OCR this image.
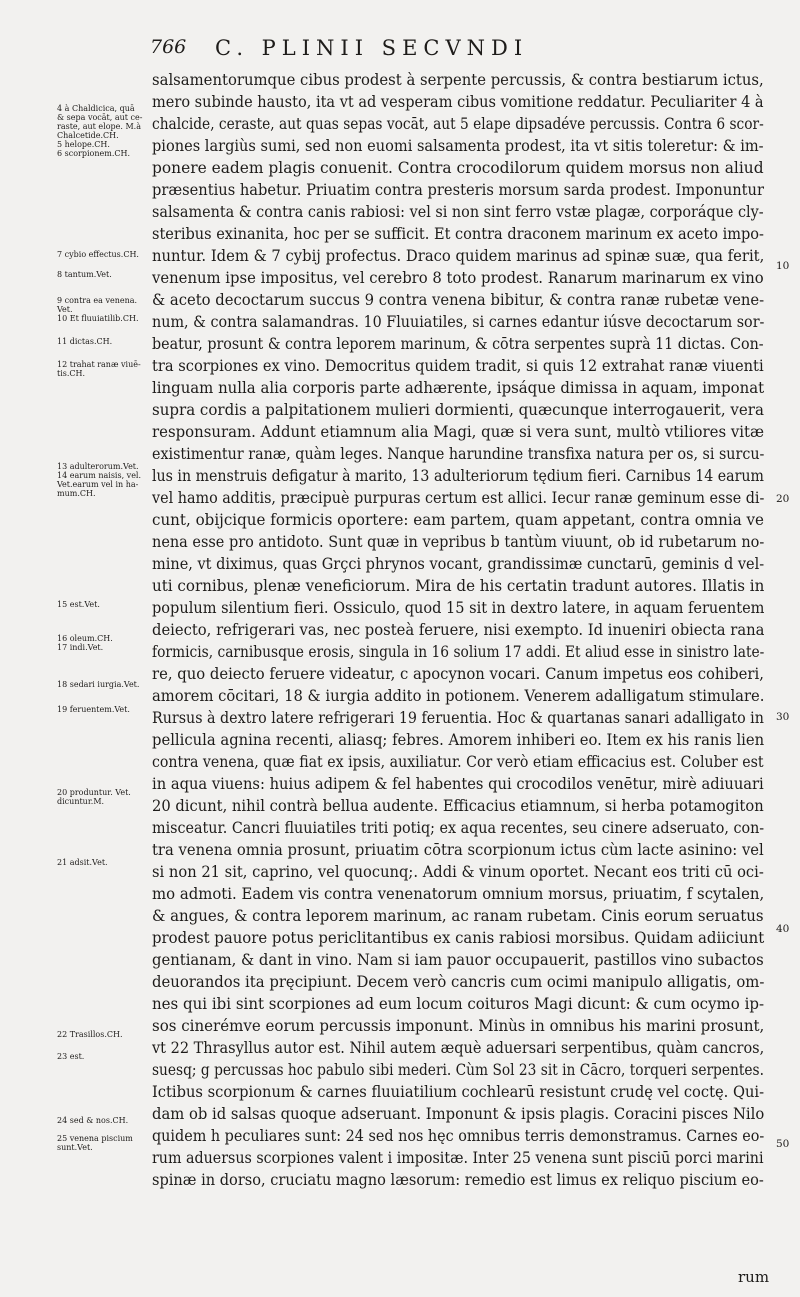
766 C. PLINII SECVNDI
salsamentorumque cibus prodest à serpente percussis, & contra bestiarum ictus,
mero subinde hausto, ita vt ad vesperam cibus vomitione reddatur. Peculiariter 4 à
chalcide, ceraste, aut quas sepas vocāt, aut 5 elape dipsadéve percussis. Contra 6 scor-
piones largiùs sumi, sed non euomi salsamenta prodest, ita vt sitis toleretur: & im-
ponere eadem plagis conuenit. Contra crocodilorum quidem morsus non aliud
præsentius habetur. Priuatim contra presteris morsum sarda prodest. Imponuntur
salsamenta & contra canis rabiosi: vel si non sint ferro vstæ plagæ, corporáque cly-
steribus exinanita, hoc per se sufficit. Et contra draconem marinum ex aceto impo-
nuntur. Idem & 7 cybij profectus. Draco quidem marinus ad spinæ suæ, qua ferit,
venenum ipse impositus, vel cerebro 8 toto prodest. Ranarum marinarum ex vino
& aceto decoctarum succus 9 contra venena bibitur, & contra ranæ rubetæ vene-
num, & contra salamandras. 10 Fluuiatiles, si carnes edantur iúsve decoctarum sor-
beatur, prosunt & contra leporem marinum, & cōtra serpentes suprà 11 dictas. Con-
tra scorpiones ex vino. Democritus quidem tradit, si quis 12 extrahat ranæ viuenti
linguam nulla alia corporis parte adhærente, ipsáque dimissa in aquam, imponat
supra cordis a palpitationem mulieri dormienti, quæcunque interrogauerit, vera
responsuram. Addunt etiamnum alia Magi, quæ si vera sunt, multò vtiliores vitæ
existimentur ranæ, quàm leges. Nanque harundine transfixa natura per os, si surcu-
lus in menstruis defigatur à marito, 13 adulteriorum tędium fieri. Carnibus 14 earum
vel hamo additis, præcipuè purpuras certum est allici. Iecur ranæ geminum esse di-
cunt, obijcique formicis oportere: eam partem, quam appetant, contra omnia ve
nena esse pro antidoto. Sunt quæ in vepribus b tantùm viuunt, ob id rubetarum no-
mine, vt diximus, quas Grçci phrynos vocant, grandissimæ cunctarū, geminis d vel-
uti cornibus, plenæ veneficiorum. Mira de his certatin tradunt autores. Illatis in
populum silentium fieri. Ossiculo, quod 15 sit in dextro latere, in aquam feruentem
deiecto, refrigerari vas, nec posteà feruere, nisi exempto. Id inueniri obiecta rana
formicis, carnibusque erosis, singula in 16 solium 17 addi. Et aliud esse in sinistro late-
re, quo deiecto feruere videatur, c apocynon vocari. Canum impetus eos cohiberi,
amorem cōcitari, 18 & iurgia addito in potionem. Venerem adalligatum stimulare.
Rursus à dextro latere refrigerari 19 feruentia. Hoc & quartanas sanari adalligato in
pellicula agnina recenti, aliasq; febres. Amorem inhiberi eo. Item ex his ranis lien
contra venena, quæ fiat ex ipsis, auxiliatur. Cor verò etiam efficacius est. Coluber est
in aqua viuens: huius adipem & fel habentes qui crocodilos venētur, mirè adiuuari
20 dicunt, nihil contrà bellua audente. Efficacius etiamnum, si herba potamogiton
misceatur. Cancri fluuiatiles triti potiq; ex aqua recentes, seu cinere adseruato, con-
tra venena omnia prosunt, priuatim cōtra scorpionum ictus cùm lacte asinino: vel
si non 21 sit, caprino, vel quocunq;. Addi & vinum oportet. Necant eos triti cū oci-
mo admoti. Eadem vis contra venenatorum omnium morsus, priuatim, f scytalen,
& angues, & contra leporem marinum, ac ranam rubetam. Cinis eorum seruatus
prodest pauore potus periclitantibus ex canis rabiosi morsibus. Quidam adiiciunt
gentianam, & dant in vino. Nam si iam pauor occupauerit, pastillos vino subactos
deuorandos ita pręcipiunt. Decem verò cancris cum ocimi manipulo alligatis, om-
nes qui ibi sint scorpiones ad eum locum coituros Magi dicunt: & cum ocymo ip-
sos cinerémve eorum percussis imponunt. Minùs in omnibus his marini prosunt,
vt 22 Thrasyllus autor est. Nihil autem æquè aduersari serpentibus, quàm cancros,
suesq; g percussas hoc pabulo sibi mederi. Cùm Sol 23 sit in Cācro, torqueri serpentes.
Ictibus scorpionum & carnes fluuiatilium cochlearū resistunt crudę vel coctę. Qui-
dam ob id salsas quoque adseruant. Imponunt & ipsis plagis. Coracini pisces Nilo
quidem h peculiares sunt: 24 sed nos hęc omnibus terris demonstramus. Carnes eo-
rum aduersus scorpiones valent i impositæ. Inter 25 venena sunt pisciū porci marini
spinæ in dorso, cruciatu magno læsorum: remedio est limus ex reliquo piscium eo-
rum
4 à Chaldicica, quā
& sepa vocāt, aut ce-
raste, aut elope. M.à
Chalcetide.CH.
5 helope.CH.
6 scorpionem.CH.
7 cybio effectus.CH.
8 tantum.Vet.
9 contra ea venena.
Vet.
10 Et fluuiatilib.CH.
11 dictas.CH.
12 trahat ranæ viuē-
tis.CH.
13 adulterorum.Vet.
14 earum naisis, vel.
Vet.earum vel in ha-
mum.CH.
15 est.Vet.
16 oleum.CH.
17 indi.Vet.
18 sedari iurgia.Vet.
19 feruentem.Vet.
20 produntur. Vet.
dicuntur.M.
21 adsit.Vet.
22 Trasillos.CH.
23 est.
24 sed & nos.CH.
25 venena piscium
sunt.Vet.
10
20
30
40
50
